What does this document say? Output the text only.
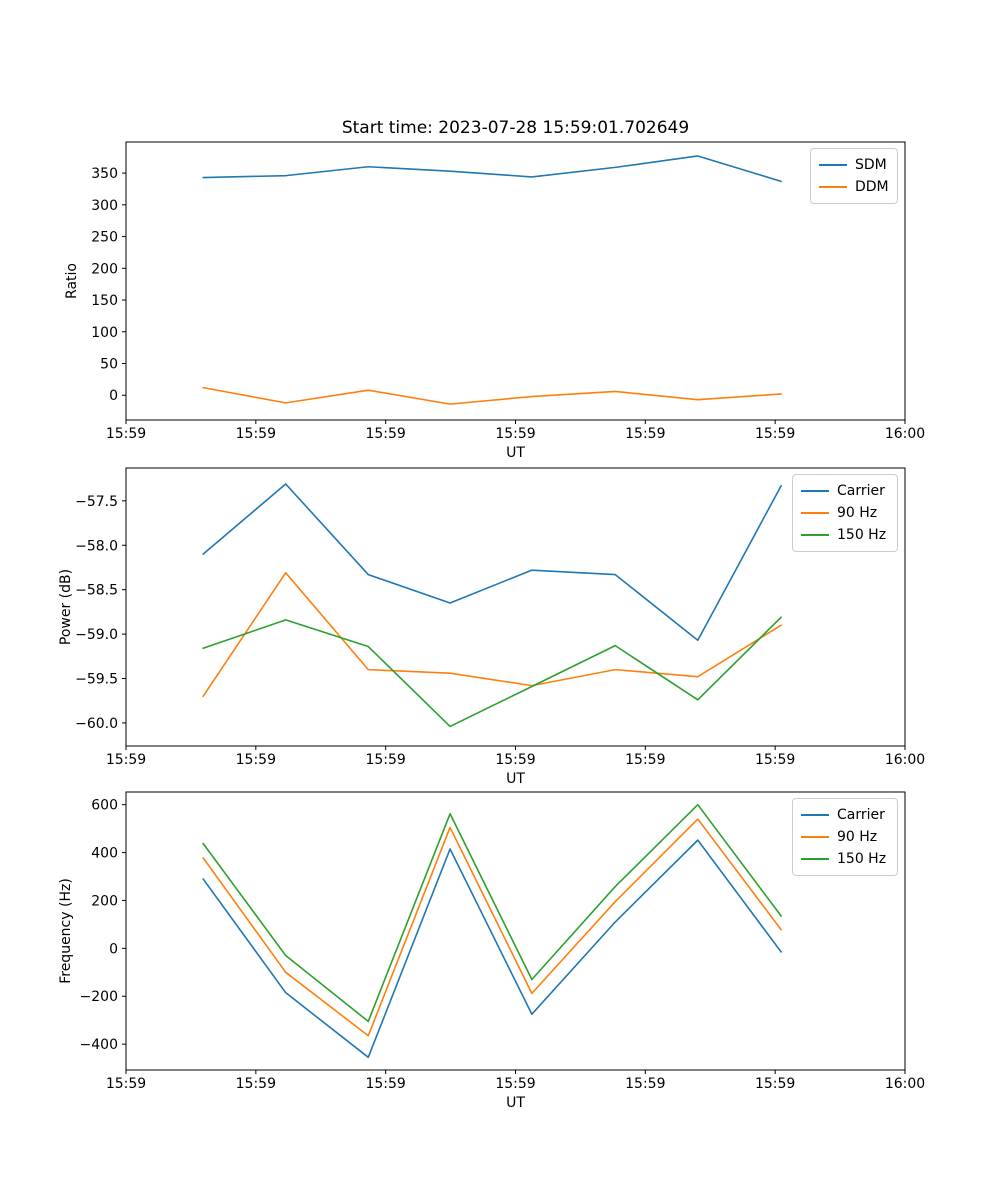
15:59	15:59	15:59	15:59	15:59	15:59	16:00
0
50
100
150
200
250
300
350
15:59	15:59	15:59	15:59	15:59	15:59	16:00
−60.0
−59.5
−59.0
−58.5
−58.0
−57.5
15:59	15:59	15:59	15:59	15:59	15:59	16:00
−400
−200
0
200
400
600
Start time: 2023-07-28 15:59:01.702649
Ratio
Power (dB)
Frequency (Hz)
UT
UT
UT
SDM
DDM
Carrier
90 Hz
150 Hz
Carrier
90 Hz
150 Hz
